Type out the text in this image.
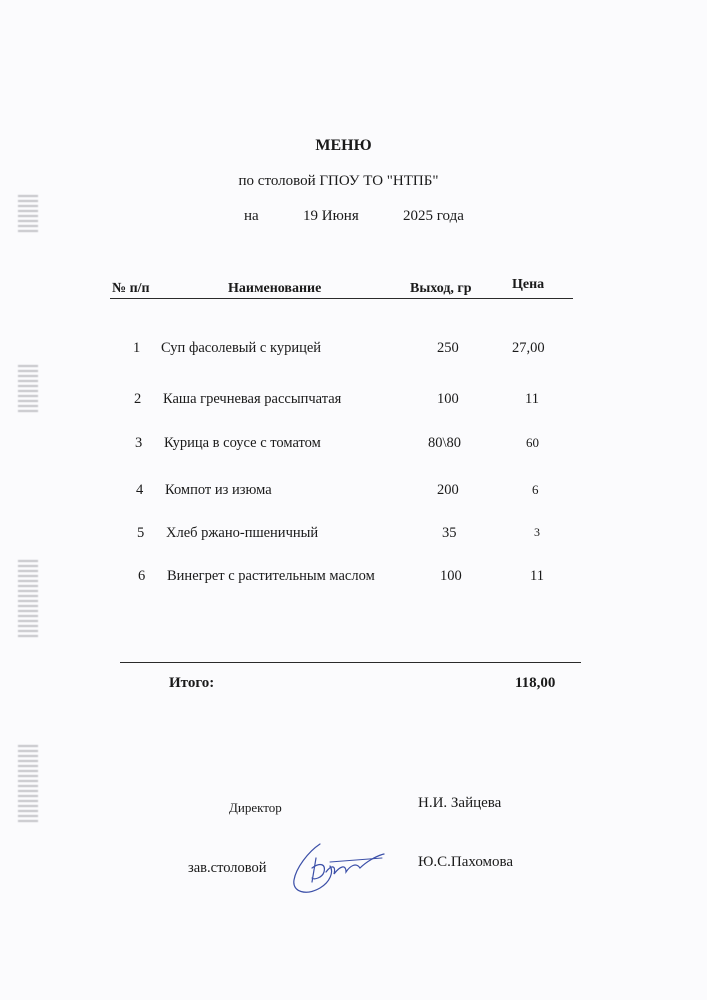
МЕНЮ
по столовой ГПОУ ТО "НТПБ"
на	19 Июня	2025 года
№ п/п	Наименование	Выход, гр	Цена
1 Суп фасолевый с курицей	250	27,00
2 Каша гречневая рассыпчатая	100	11
3 Курица в соусе с томатом	80\80	60
4 Компот из изюма	200	6
5 Хлеб ржано-пшеничный	35	3
6 Винегрет с растительным маслом	100	11
Итого:	118,00
Директор	Н.И. Зайцева
зав.столовой	Ю.С.Пахомова
